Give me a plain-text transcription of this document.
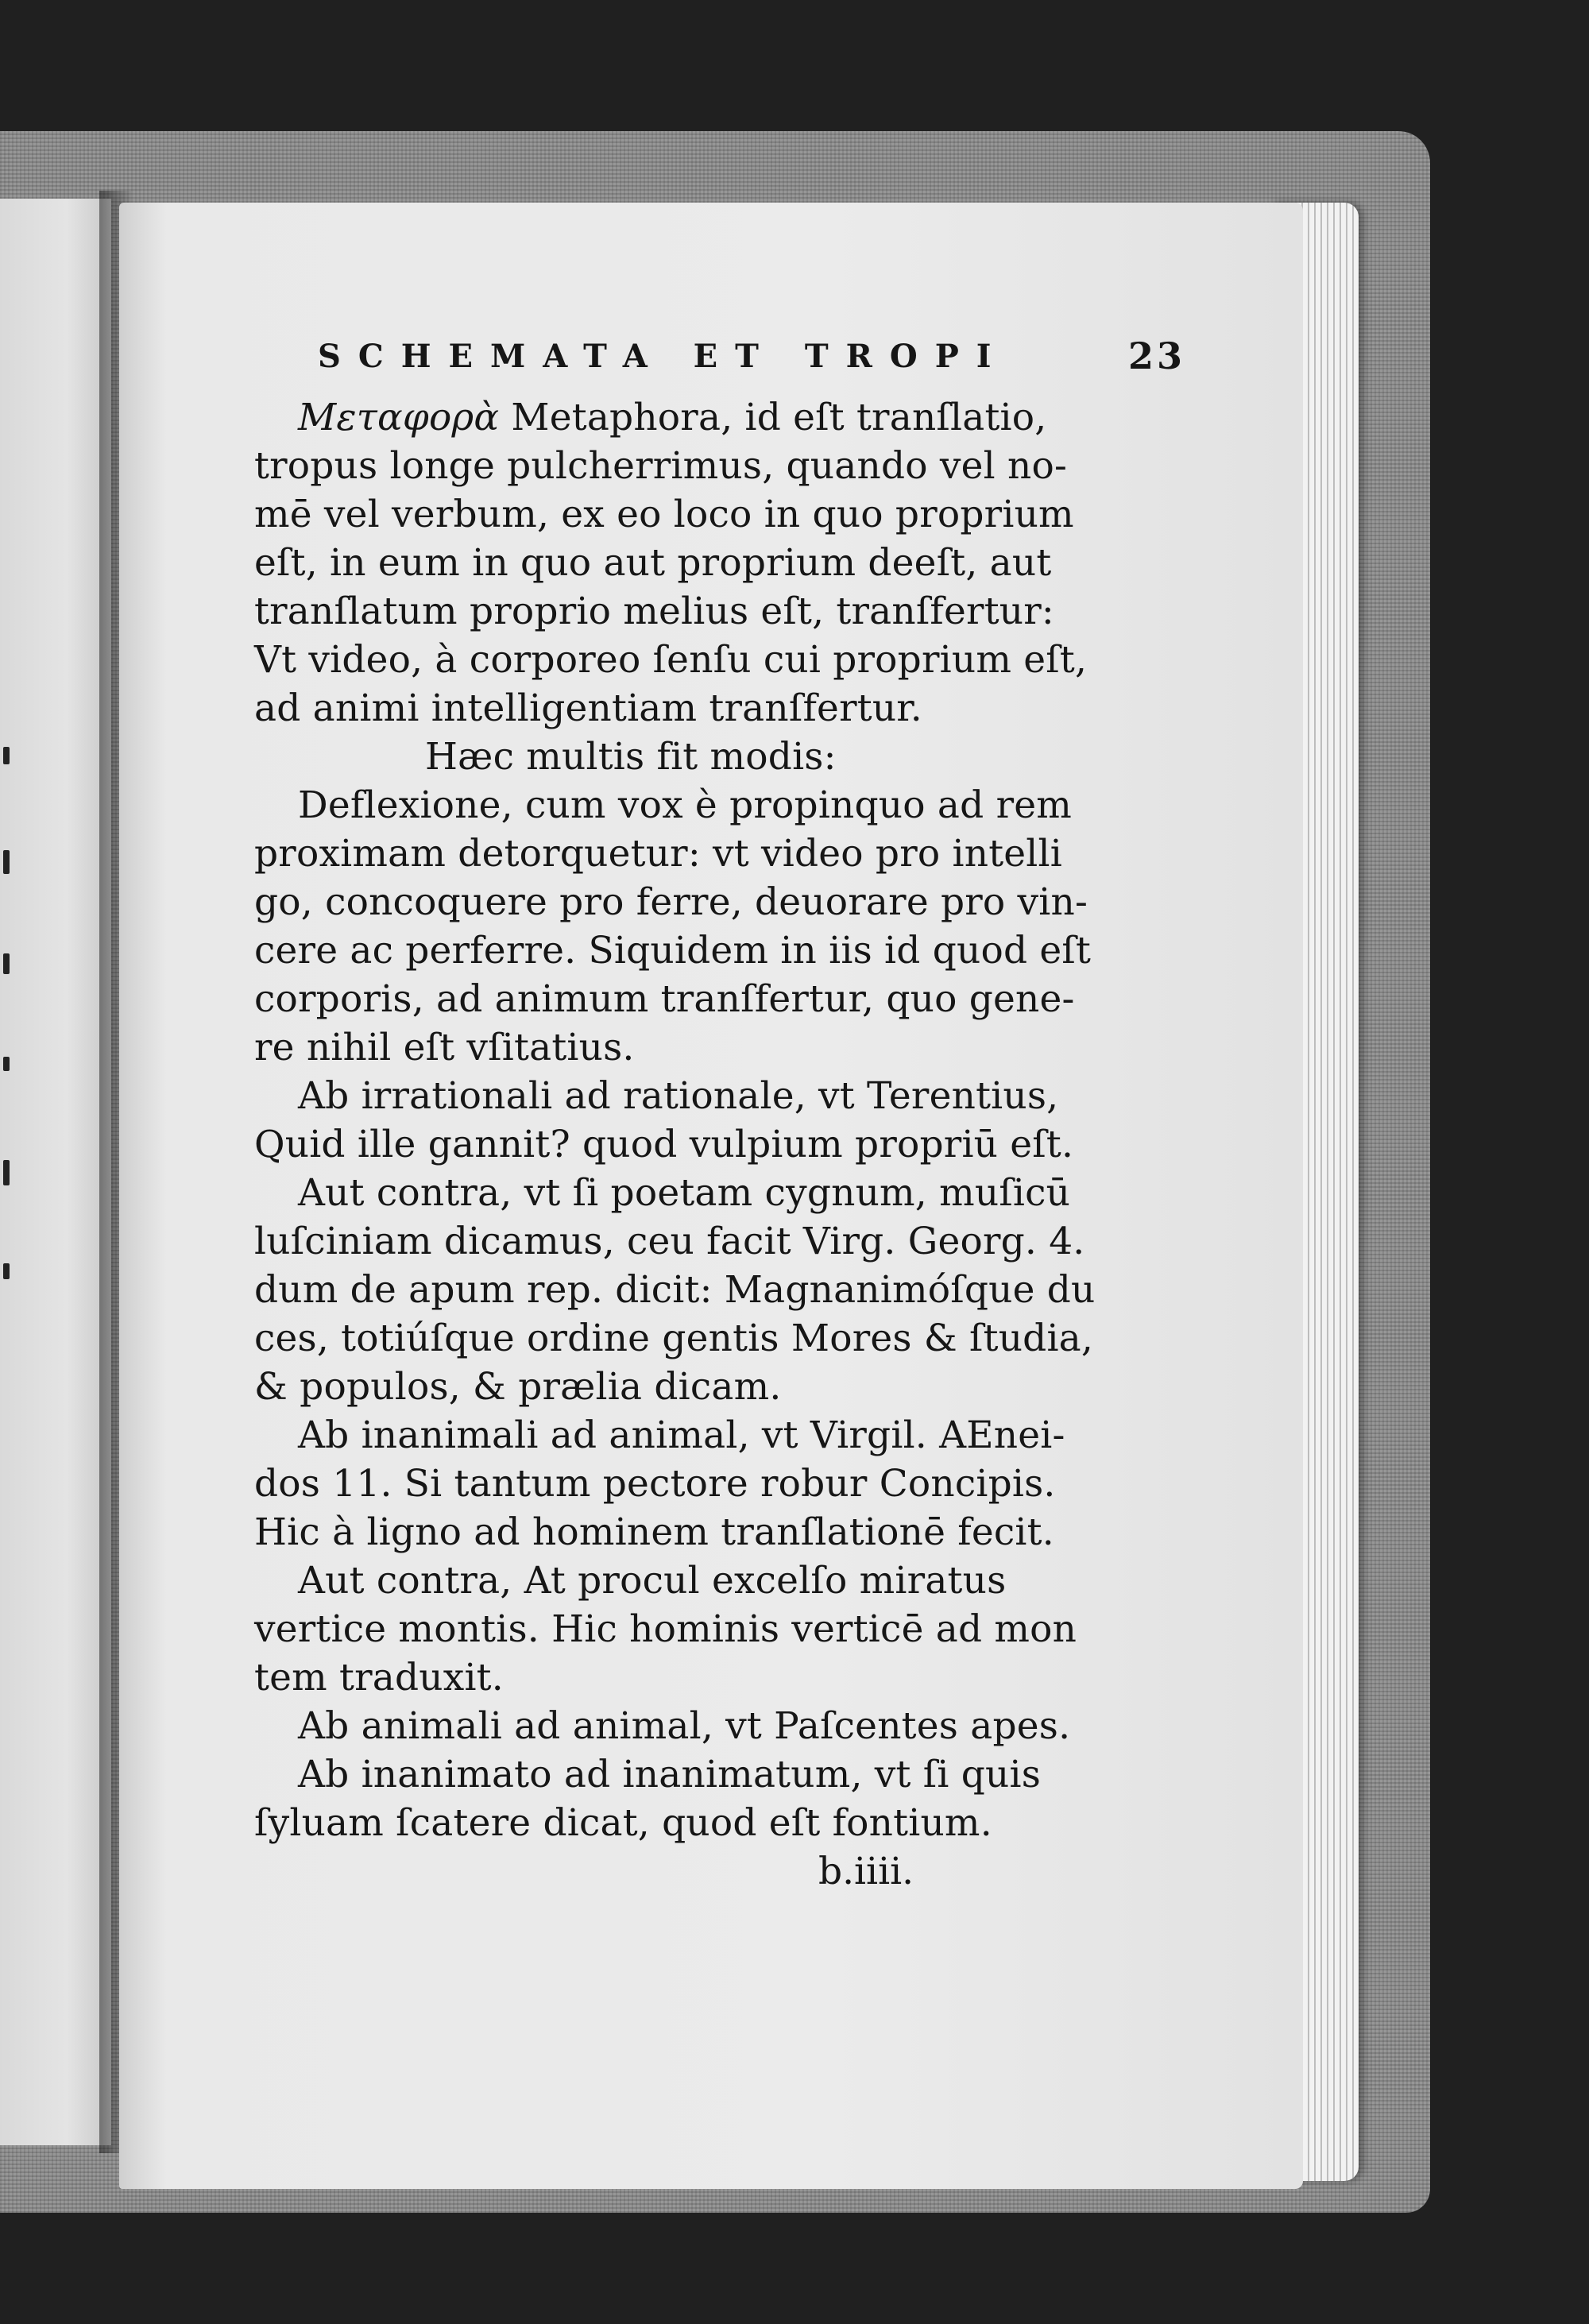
SCHEMATA ET TROPI	23
Μεταφορὰ Metaphora, id eſt tranſlatio,
tropus longe pulcherrimus, quando vel no-
mē vel verbum, ex eo loco in quo proprium
eſt, in eum in quo aut proprium deeſt, aut
tranſlatum proprio melius eſt, tranſfertur:
Vt video, à corporeo ſenſu cui proprium eſt,
ad animi intelligentiam tranſfertur.
Hæc multis fit modis:
Deflexione, cum vox è propinquo ad rem
proximam detorquetur: vt video pro intelli
go, concoquere pro ferre, deuorare pro vin-
cere ac perferre. Siquidem in iis id quod eſt
corporis, ad animum tranſfertur, quo gene-
re nihil eſt vſitatius.
Ab irrationali ad rationale, vt Terentius,
Quid ille gannit? quod vulpium propriū eſt.
Aut contra, vt ſi poetam cygnum, muſicū
luſciniam dicamus, ceu facit Virg. Georg. 4.
dum de apum rep. dicit: Magnanimóſque du
ces, totiúſque ordine gentis Mores & ſtudia,
& populos, & prælia dicam.
Ab inanimali ad animal, vt Virgil. AEnei-
dos 11. Si tantum pectore robur Concipis.
Hic à ligno ad hominem tranſlationē fecit.
Aut contra, At procul excelſo miratus
vertice montis. Hic hominis verticē ad mon
tem traduxit.
Ab animali ad animal, vt Paſcentes apes.
Ab inanimato ad inanimatum, vt ſi quis
ſyluam ſcatere dicat, quod eſt fontium.
b.iiii.
